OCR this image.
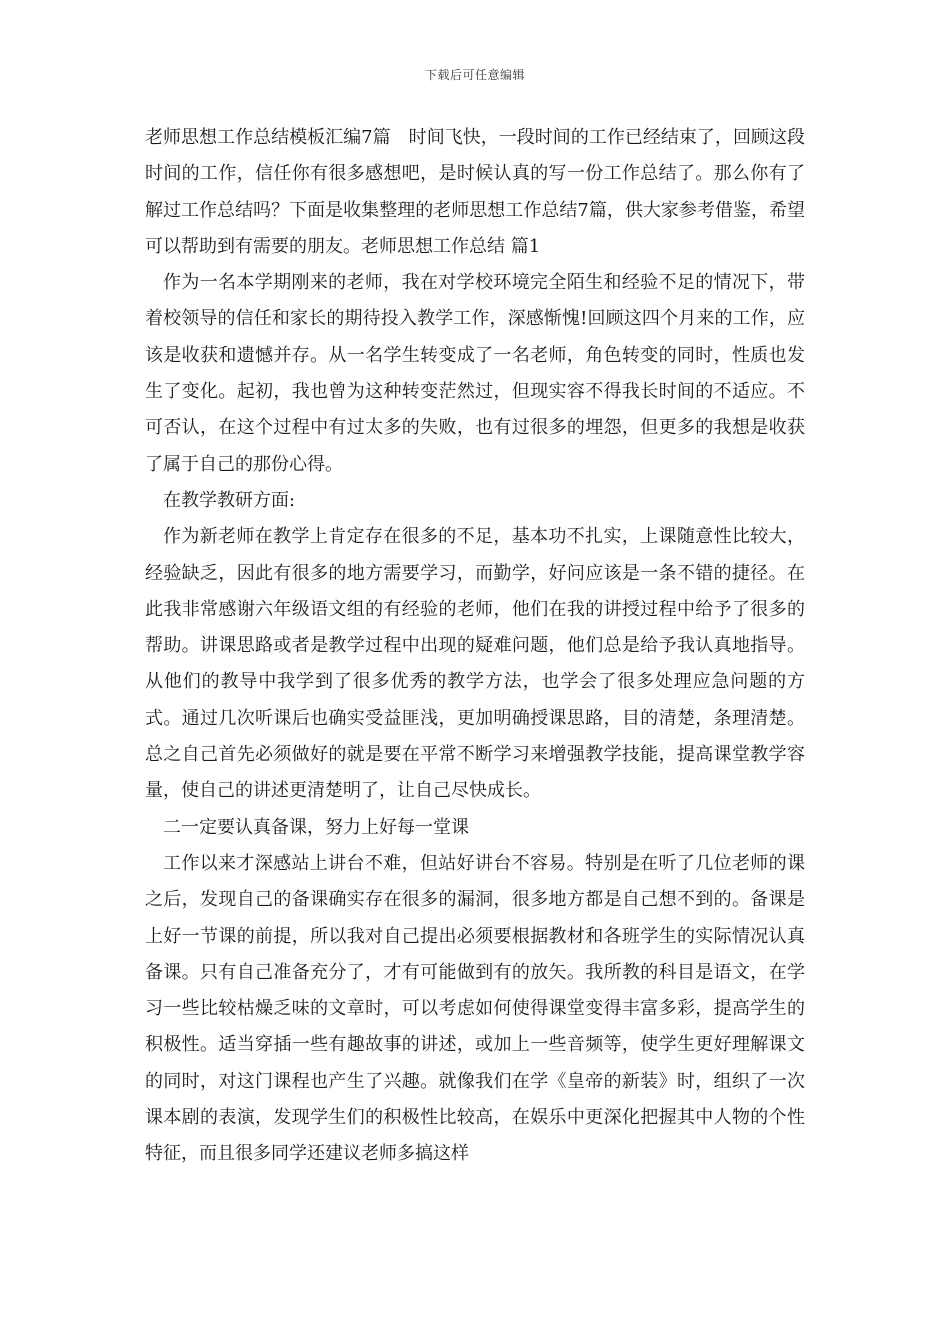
下载后可任意编辑

老师思想工作总结模板汇编7篇　时间飞快，一段时间的工作已经结束了，回顾这段时间的工作，信任你有很多感想吧，是时候认真的写一份工作总结了。那么你有了解过工作总结吗？下面是收集整理的老师思想工作总结7篇，供大家参考借鉴，希望可以帮助到有需要的朋友。老师思想工作总结 篇1

作为一名本学期刚来的老师，我在对学校环境完全陌生和经验不足的情况下，带着校领导的信任和家长的期待投入教学工作，深感惭愧!回顾这四个月来的工作，应该是收获和遗憾并存。从一名学生转变成了一名老师，角色转变的同时，性质也发生了变化。起初，我也曾为这种转变茫然过，但现实容不得我长时间的不适应。不可否认，在这个过程中有过太多的失败，也有过很多的埋怨，但更多的我想是收获了属于自己的那份心得。

在教学教研方面:

作为新老师在教学上肯定存在很多的不足，基本功不扎实，上课随意性比较大，经验缺乏，因此有很多的地方需要学习，而勤学，好问应该是一条不错的捷径。在此我非常感谢六年级语文组的有经验的老师，他们在我的讲授过程中给予了很多的帮助。讲课思路或者是教学过程中出现的疑难问题，他们总是给予我认真地指导。从他们的教导中我学到了很多优秀的教学方法，也学会了很多处理应急问题的方式。通过几次听课后也确实受益匪浅，更加明确授课思路，目的清楚，条理清楚。总之自己首先必须做好的就是要在平常不断学习来增强教学技能，提高课堂教学容量，使自己的讲述更清楚明了，让自己尽快成长。

二一定要认真备课，努力上好每一堂课

工作以来才深感站上讲台不难，但站好讲台不容易。特别是在听了几位老师的课之后，发现自己的备课确实存在很多的漏洞，很多地方都是自己想不到的。备课是上好一节课的前提，所以我对自己提出必须要根据教材和各班学生的实际情况认真备课。只有自己准备充分了，才有可能做到有的放矢。我所教的科目是语文，在学习一些比较枯燥乏味的文章时，可以考虑如何使得课堂变得丰富多彩，提高学生的积极性。适当穿插一些有趣故事的讲述，或加上一些音频等，使学生更好理解课文的同时，对这门课程也产生了兴趣。就像我们在学《皇帝的新装》时，组织了一次课本剧的表演，发现学生们的积极性比较高，在娱乐中更深化把握其中人物的个性特征，而且很多同学还建议老师多搞这样
